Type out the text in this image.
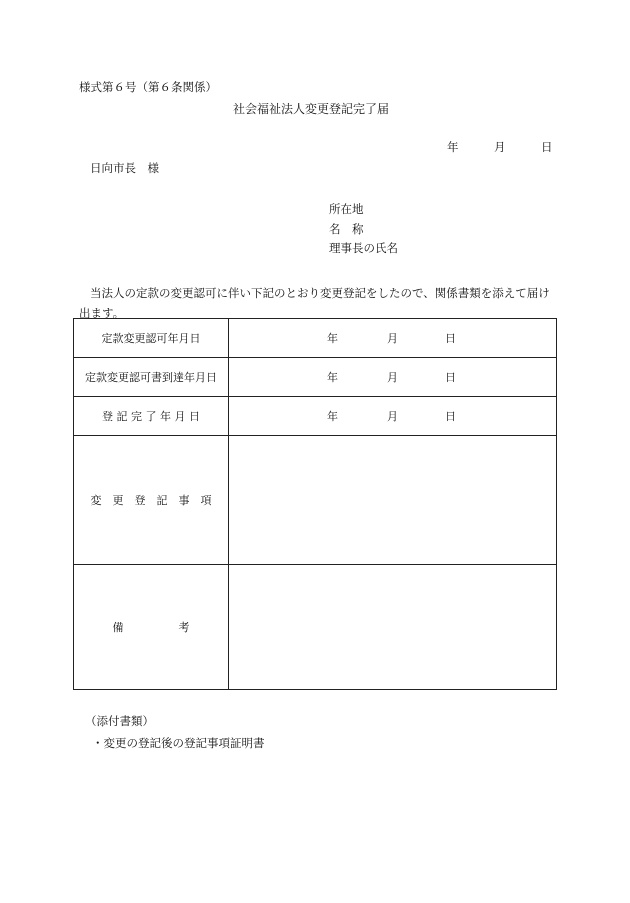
様式第６号（第６条関係）
社会福祉法人変更登記完了届
年	月	日
日向市長　様
所在地
名　称
理事長の氏名
当法人の定款の変更認可に伴い下記のとおり変更登記をしたので、関係書類を添えて届け出ます。
定款変更認可年月日	年 月 日

定款変更認可書到達年月日	年 月 日

登 記 完 了 年 月 日	年 月 日

変　更　登　記　事　項	
備　　　　　考	
（添付書類）
・変更の登記後の登記事項証明書
